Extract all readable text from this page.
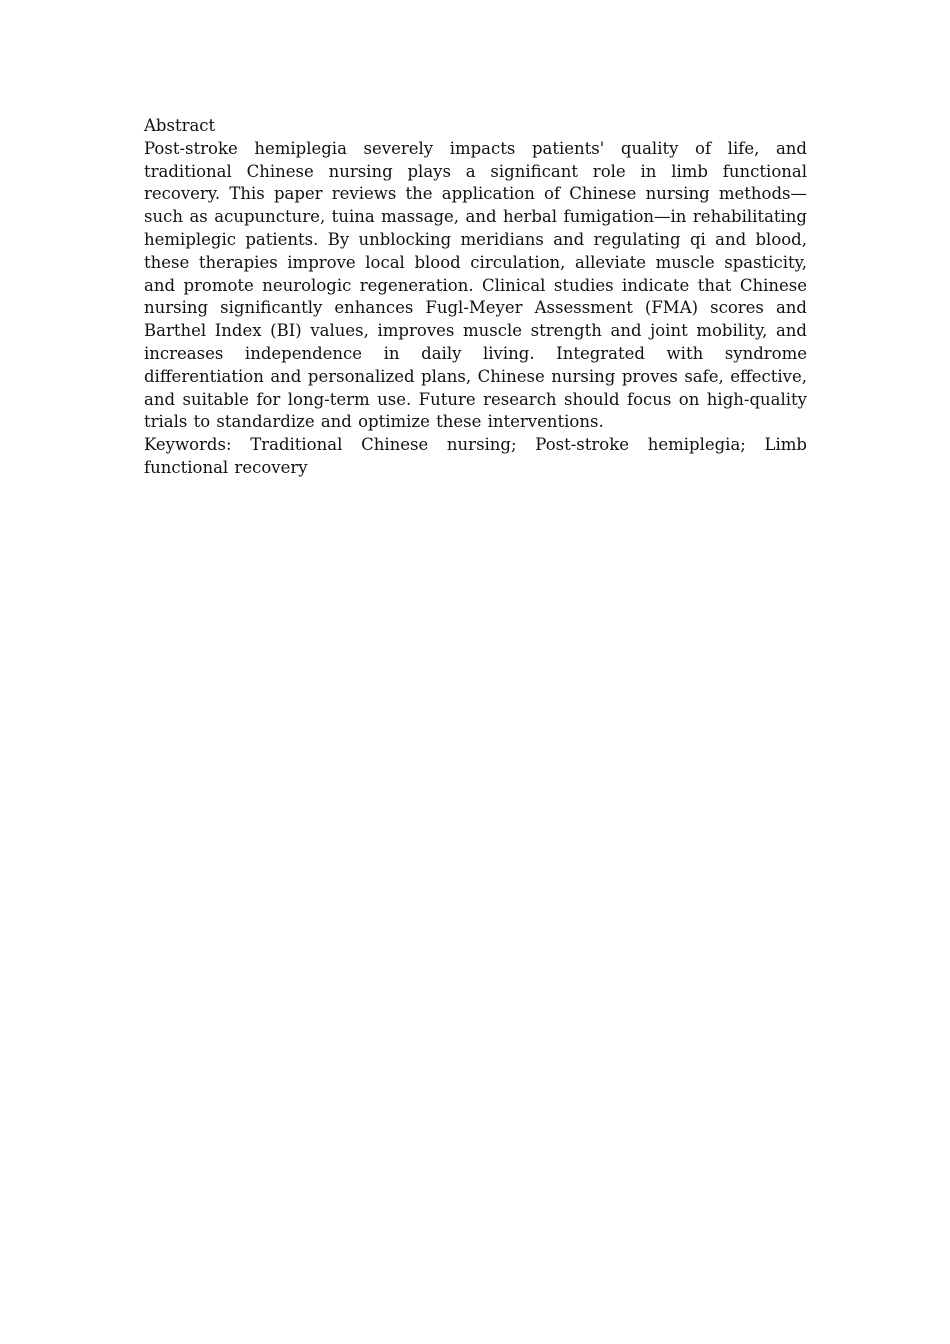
Abstract

Post-stroke hemiplegia severely impacts patients' quality of life, and traditional Chinese nursing plays a significant role in limb functional recovery. This paper reviews the application of Chinese nursing methods—such as acupuncture, tuina massage, and herbal fumigation—in rehabilitating hemiplegic patients. By unblocking meridians and regulating qi and blood, these therapies improve local blood circulation, alleviate muscle spasticity, and promote neurologic regeneration. Clinical studies indicate that Chinese nursing significantly enhances Fugl-Meyer Assessment (FMA) scores and Barthel Index (BI) values, improves muscle strength and joint mobility, and increases independence in daily living. Integrated with syndrome differentiation and personalized plans, Chinese nursing proves safe, effective, and suitable for long-term use. Future research should focus on high-quality trials to standardize and optimize these interventions.

Keywords: Traditional Chinese nursing; Post-stroke hemiplegia; Limb functional recovery
